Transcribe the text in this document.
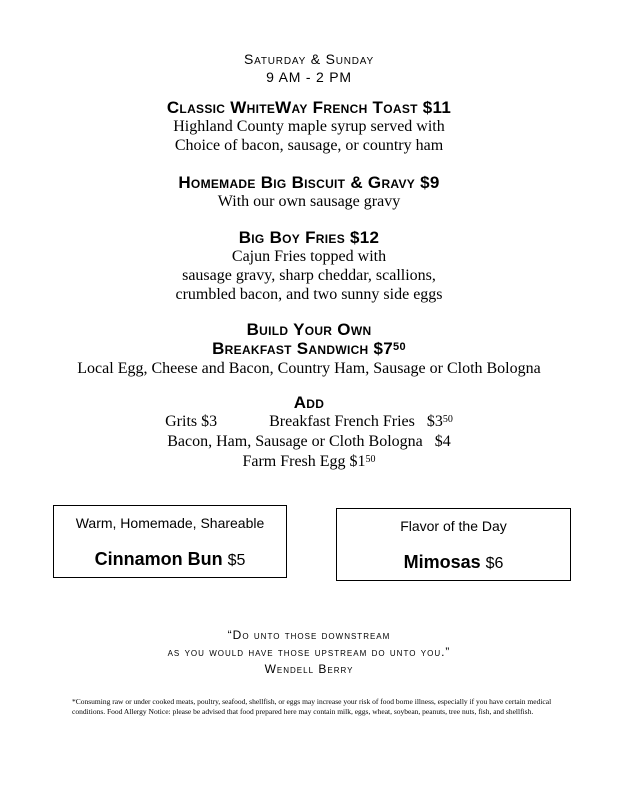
Saturday & Sunday
9 AM - 2 PM
Classic WhiteWay French Toast $11
Highland County maple syrup served with
Choice of bacon, sausage, or country ham
Homemade Big Biscuit & Gravy $9
With our own sausage gravy
Big Boy Fries $12
Cajun Fries topped with
sausage gravy, sharp cheddar, scallions,
crumbled bacon, and two sunny side eggs
Build Your Own
Breakfast Sandwich $\$7^{50}$
Local Egg, Cheese and Bacon, Country Ham, Sausage or Cloth Bologna
Add
Grits $3	Breakfast French Fries   $\$3^{50}$
Bacon, Ham, Sausage or Cloth Bologna   $4
Farm Fresh Egg $\$1^{50}$
Warm, Homemade, Shareable
Cinnamon Bun $5
Flavor of the Day
Mimosas $6
“Do unto those downstream
as you would have those upstream do unto you.”
Wendell Berry
*Consuming raw or under cooked meats, poultry, seafood, shellfish, or eggs may increase your risk of food borne illness, especially if you have certain medical conditions. Food Allergy Notice: please be advised that food prepared here may contain milk, eggs, wheat, soybean, peanuts, tree nuts, fish, and shellfish.
